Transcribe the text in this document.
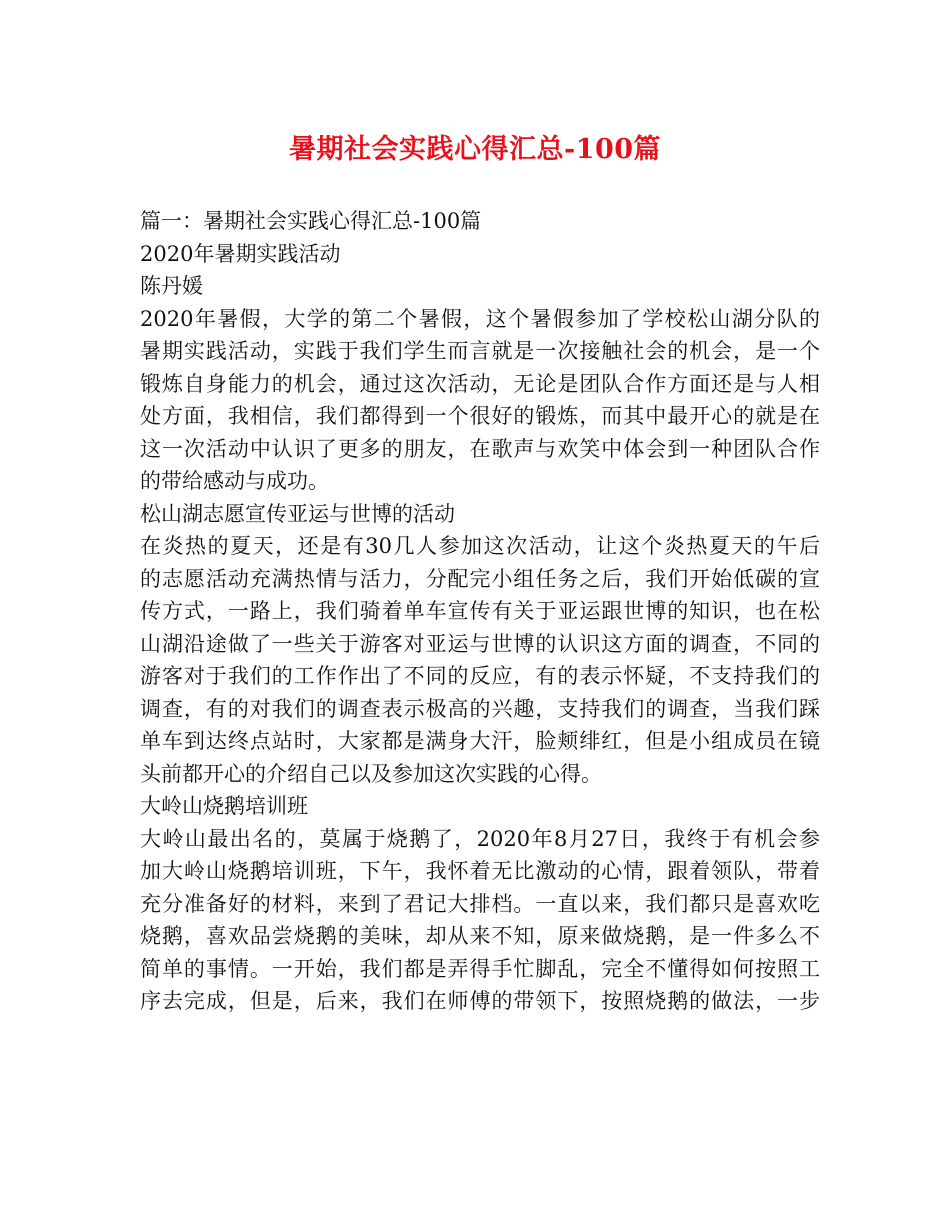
暑期社会实践心得汇总-100篇
篇一：暑期社会实践心得汇总-100篇
2020年暑期实践活动
陈丹媛
2020年暑假，大学的第二个暑假，这个暑假参加了学校松山湖分队的
暑期实践活动，实践于我们学生而言就是一次接触社会的机会，是一个
锻炼自身能力的机会，通过这次活动，无论是团队合作方面还是与人相
处方面，我相信，我们都得到一个很好的锻炼，而其中最开心的就是在
这一次活动中认识了更多的朋友，在歌声与欢笑中体会到一种团队合作
的带给感动与成功。
松山湖志愿宣传亚运与世博的活动
在炎热的夏天，还是有30几人参加这次活动，让这个炎热夏天的午后
的志愿活动充满热情与活力，分配完小组任务之后，我们开始低碳的宣
传方式，一路上，我们骑着单车宣传有关于亚运跟世博的知识，也在松
山湖沿途做了一些关于游客对亚运与世博的认识这方面的调查，不同的
游客对于我们的工作作出了不同的反应，有的表示怀疑，不支持我们的
调查，有的对我们的调查表示极高的兴趣，支持我们的调查，当我们踩
单车到达终点站时，大家都是满身大汗，脸颊绯红，但是小组成员在镜
头前都开心的介绍自己以及参加这次实践的心得。
大岭山烧鹅培训班
大岭山最出名的，莫属于烧鹅了，2020年8月27日，我终于有机会参
加大岭山烧鹅培训班，下午，我怀着无比激动的心情，跟着领队，带着
充分准备好的材料，来到了君记大排档。一直以来，我们都只是喜欢吃
烧鹅，喜欢品尝烧鹅的美味，却从来不知，原来做烧鹅，是一件多么不
简单的事情。一开始，我们都是弄得手忙脚乱，完全不懂得如何按照工
序去完成，但是，后来，我们在师傅的带领下，按照烧鹅的做法，一步
